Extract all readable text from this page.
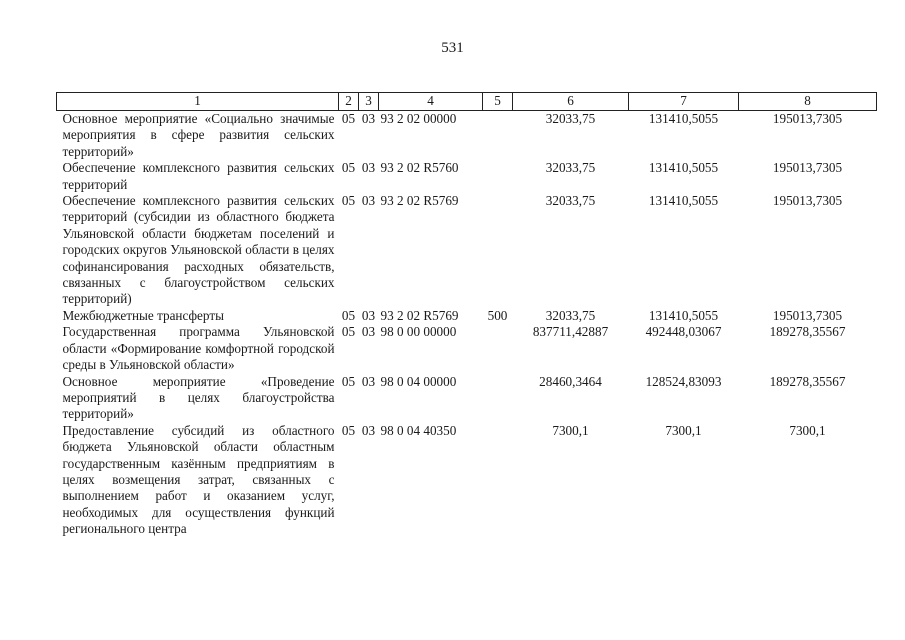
531
1	2	3	4	5	6	7	8
Основное мероприятие «Социально значимые мероприятия в сфере развития сельских территорий»	05	03	93 2 02 00000		32033,75	131410,5055	195013,7305
Обеспечение комплексного развития сельских территорий	05	03	93 2 02 R5760		32033,75	131410,5055	195013,7305
Обеспечение комплексного развития сельских территорий (субсидии из областного бюджета Ульяновской области бюджетам поселений и городских округов Ульяновской области в целях софинансирования расходных обязательств, связанных с благоустройством сельских территорий)	05	03	93 2 02 R5769		32033,75	131410,5055	195013,7305
Межбюджетные трансферты	05	03	93 2 02 R5769	500	32033,75	131410,5055	195013,7305
Государственная программа Ульяновской области «Формирование комфортной городской среды в Ульяновской области»	05	03	98 0 00 00000		837711,42887	492448,03067	189278,35567
Основное мероприятие «Проведение мероприятий в целях благоустройства территорий»	05	03	98 0 04 00000		28460,3464	128524,83093	189278,35567
Предоставление субсидий из областного бюджета Ульяновской области областным государственным казённым предприятиям в целях возмещения затрат, связанных с выполнением работ и оказанием услуг, необходимых для осуществления функций регионального центра	05	03	98 0 04 40350		7300,1	7300,1	7300,1
